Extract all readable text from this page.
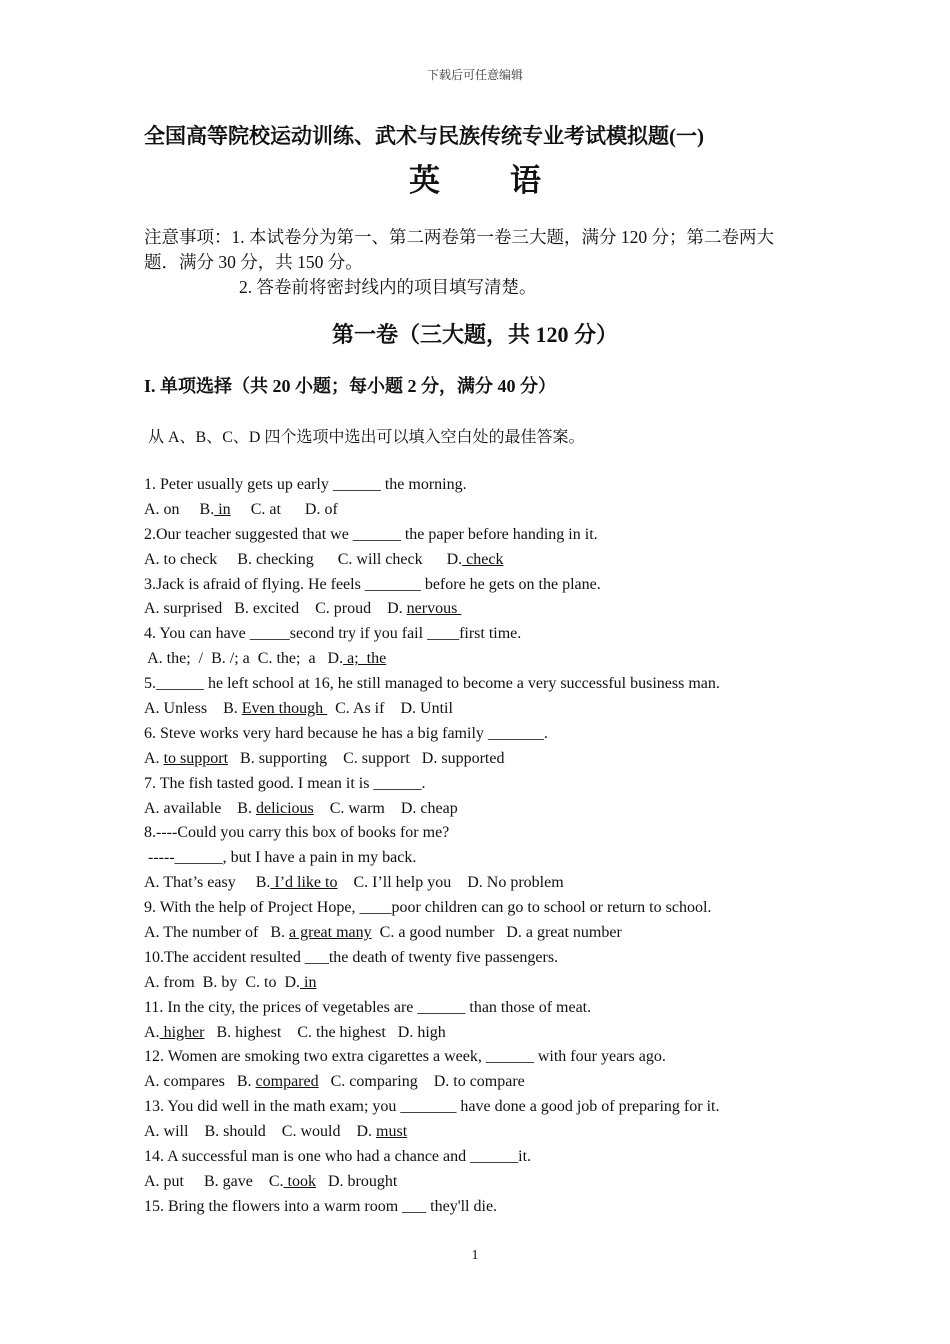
下载后可任意编辑
全国高等院校运动训练、武术与民族传统专业考试模拟题(一)
英语
注意事项：1. 本试卷分为第一、第二两卷第一卷三大题，满分 120 分；第二卷两大题．满分 30 分，共 150 分。
2. 答卷前将密封线内的项目填写清楚。
第一卷（三大题，共 120 分）
I. 单项选择（共 20 小题；每小题 2 分，满分 40 分）
从 A、B、C、D 四个选项中选出可以填入空白处的最佳答案。
1. Peter usually gets up early ______ the morning.
A. on     B. in     C. at      D. of
2.Our teacher suggested that we ______ the paper before handing in it.
A. to check     B. checking      C. will check      D. check
3.Jack is afraid of flying. He feels _______ before he gets on the plane.
A. surprised   B. excited    C. proud    D. nervous
4. You can have _____second try if you fail ____first time.
A. the;  /  B. /; a  C. the;  a   D. a;  the
5.______ he left school at 16, he still managed to become a very successful business man.
A. Unless    B. Even though   C. As if    D. Until
6. Steve works very hard because he has a big family _______.
A. to support   B. supporting    C. support   D. supported
7. The fish tasted good. I mean it is ______.
A. available    B. delicious    C. warm    D. cheap
8.----Could you carry this box of books for me?
-----______, but I have a pain in my back.
A. That’s easy     B. I’d like to    C. I’ll help you    D. No problem
9. With the help of Project Hope, ____poor children can go to school or return to school.
A. The number of   B. a great many  C. a good number   D. a great number
10.The accident resulted ___the death of twenty five passengers.
A. from  B. by  C. to  D. in
11. In the city, the prices of vegetables are ______ than those of meat.
A. higher   B. highest    C. the highest   D. high
12. Women are smoking two extra cigarettes a week, ______ with four years ago.
A. compares   B. compared   C. comparing    D. to compare
13. You did well in the math exam; you _______ have done a good job of preparing for it.
A. will    B. should    C. would    D. must
14. A successful man is one who had a chance and ______it.
A. put     B. gave    C. took   D. brought
15. Bring the flowers into a warm room ___ they'll die.
1
